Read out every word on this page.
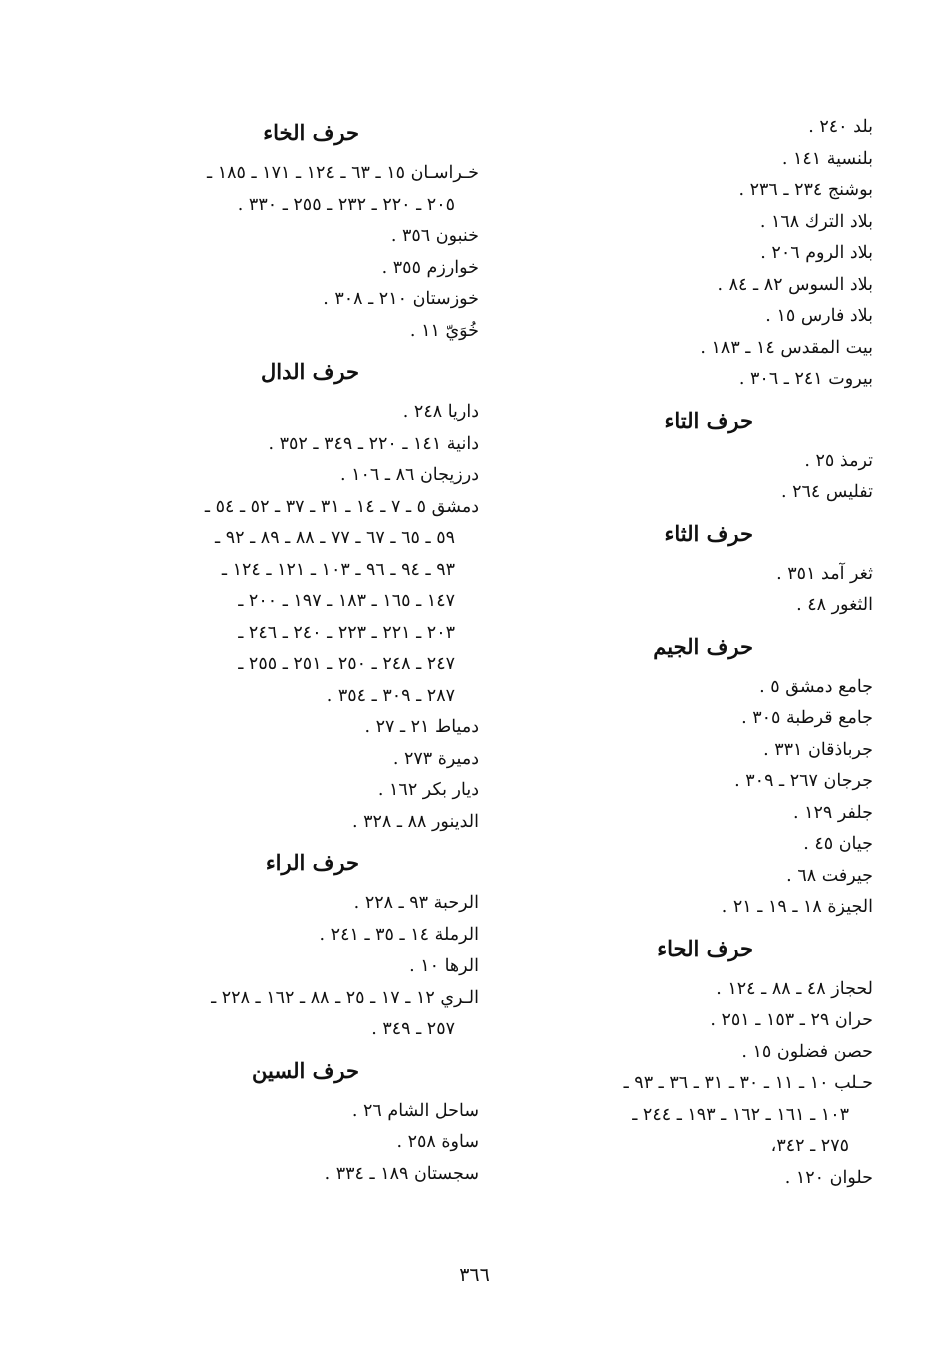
بلد ٢٤٠ .
بلنسية ١٤١ .
بوشنج ٢٣٤ ـ ٢٣٦ .
بلاد الترك ١٦٨ .
بلاد الروم ٢٠٦ .
بلاد السوس ٨٢ ـ ٨٤ .
بلاد فارس ١٥ .
بيت المقدس ١٤ ـ ١٨٣ .
بيروت ٢٤١ ـ ٣٠٦ .
حرف التاء
ترمذ ٢٥ .
تفليس ٢٦٤ .
حرف الثاء
ثغر آمد ٣٥١ .
الثغور ٤٨ .
حرف الجيم
جامع دمشق ٥ .
جامع قرطبة ٣٠٥ .
جرباذقان ٣٣١ .
جرجان ٢٦٧ ـ ٣٠٩ .
جلفر ١٢٩ .
جيان ٤٥ .
جيرفت ٦٨ .
الجيزة ١٨ ـ ١٩ ـ ٢١ .
حرف الحاء
لحجاز ٤٨ ـ ٨٨ ـ ١٢٤ .
حران ٢٩ ـ ١٥٣ ـ ٢٥١ .
حصن فضلون ١٥ .
حـلب ١٠ ـ ١١ ـ ٣٠ ـ ٣١ ـ ٣٦ ـ ٩٣ ـ
١٠٣ ـ ١٦١ ـ ١٦٢ ـ ١٩٣ ـ ٢٤٤ ـ
٢٧٥ ـ ٣٤٢،
حلوان ١٢٠ .
حرف الخاء
خـراسـان ١٥ ـ ٦٣ ـ ١٢٤ ـ ١٧١ ـ ١٨٥ ـ
٢٠٥ ـ ٢٢٠ ـ ٢٣٢ ـ ٢٥٥ ـ ٣٣٠ .
خنبون ٣٥٦ .
خوارزم ٣٥٥ .
خوزستان ٢١٠ ـ ٣٠٨ .
خُوَيّ ١١ .
حرف الدال
داريا ٢٤٨ .
دانية ١٤١ ـ ٢٢٠ ـ ٣٤٩ ـ ٣٥٢ .
درزيجان ٨٦ ـ ١٠٦ .
دمشق ٥ ـ ٧ ـ ١٤ ـ ٣١ ـ ٣٧ ـ ٥٢ ـ ٥٤ ـ
٥٩ ـ ٦٥ ـ ٦٧ ـ ٧٧ ـ ٨٨ ـ ٨٩ ـ ٩٢ ـ
٩٣ ـ ٩٤ ـ ٩٦ ـ ١٠٣ ـ ١٢١ ـ ١٢٤ ـ
١٤٧ ـ ١٦٥ ـ ١٨٣ ـ ١٩٧ ـ ٢٠٠ ـ
٢٠٣ ـ ٢٢١ ـ ٢٢٣ ـ ٢٤٠ ـ ٢٤٦ ـ
٢٤٧ ـ ٢٤٨ ـ ٢٥٠ ـ ٢٥١ ـ ٢٥٥ ـ
٢٨٧ ـ ٣٠٩ ـ ٣٥٤ .
دمياط ٢١ ـ ٢٧ .
دميرة ٢٧٣ .
ديار بكر ١٦٢ .
الدينور ٨٨ ـ ٣٢٨ .
حرف الراء
الرحبة ٩٣ ـ ٢٢٨ .
الرملة ١٤ ـ ٣٥ ـ ٢٤١ .
الرها ١٠ .
الـري ١٢ ـ ١٧ ـ ٢٥ ـ ٨٨ ـ ١٦٢ ـ ٢٢٨ ـ
٢٥٧ ـ ٣٤٩ .
حرف السين
ساحل الشام ٢٦ .
ساوة ٢٥٨ .
سجستان ١٨٩ ـ ٣٣٤ .
٣٦٦
